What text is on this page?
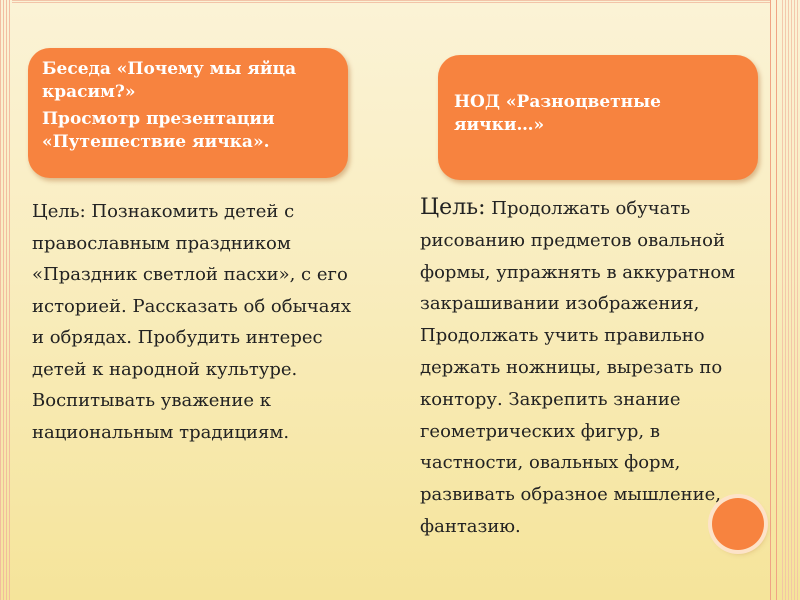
Беседа «Почему мы яйца красим?»
Просмотр презентации «Путешествие яичка».
НОД «Разноцветные яички…»
Цель: Познакомить детей с православным праздником «Праздник светлой пасхи», с его историей. Рассказать об обычаях и обрядах. Пробудить интерес детей к народной культуре. Воспитывать уважение к национальным традициям.
Цель: Продолжать обучать рисованию предметов овальной формы, упражнять в аккуратном закрашивании изображения, Продолжать учить правильно держать ножницы, вырезать по контору. Закрепить знание геометрических фигур, в частности, овальных форм, развивать образное мышление, фантазию.
